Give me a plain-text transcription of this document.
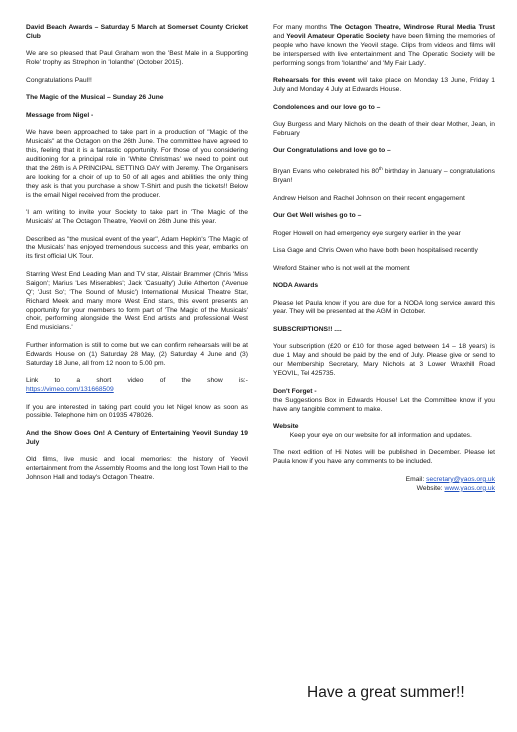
David Beach Awards – Saturday 5 March at Somerset County Cricket Club

We are so pleased that Paul Graham won the 'Best Male in a Supporting Role' trophy as Strephon in 'Iolanthe' (October 2015).

Congratulations Paul!!

The Magic of the Musical – Sunday 26 June

Message from Nigel -

We have been approached to take part in a production of "Magic of the Musicals" at the Octagon on the 26th June. The committee have agreed to this, feeling that it is a fantastic opportunity. For those of you considering auditioning for a principal role in 'White Christmas' we need to point out that the 26th is A PRINCIPAL SETTING DAY with Jeremy. The Organisers are looking for a choir of up to 50 of all ages and abilities the only thing they ask is that you purchase a show T-Shirt and push the tickets!! Below is the email Nigel received from the producer.

'I am writing to invite your Society to take part in 'The Magic of the Musicals' at The Octagon Theatre, Yeovil on 26th June this year.

Described as "the musical event of the year", Adam Hepkin's 'The Magic of the Musicals' has enjoyed tremendous success and this year, embarks on its first official UK Tour.

Starring West End Leading Man and TV star, Alistair Brammer (Chris 'Miss Saigon'; Marius 'Les Miserables'; Jack 'Casualty') Julie Atherton ('Avenue Q'; 'Just So'; 'The Sound of Music') International Musical Theatre Star, Richard Meek and many more West End stars, this event presents an opportunity for your members to form part of 'The Magic of the Musicals' choir, performing alongside the West End artists and professional West End musicians.'

Further information is still to come but we can confirm rehearsals will be at Edwards House on (1) Saturday 28 May, (2) Saturday 4 June and (3) Saturday 18 June, all from 12 noon to 5.00 pm.

Link to a short video of the show is:-

https://vimeo.com/131668509

If you are interested in taking part could you let Nigel know as soon as possible. Telephone him on 01935 478026.

And the Show Goes On! A Century of Entertaining Yeovil Sunday 19 July

Old films, live music and local memories: the history of Yeovil entertainment from the Assembly Rooms and the long lost Town Hall to the Johnson Hall and today's Octagon Theatre.

For many months The Octagon Theatre, Windrose Rural Media Trust and Yeovil Amateur Operatic Society have been filming the memories of people who have known the Yeovil stage. Clips from videos and films will be interspersed with live entertainment and The Operatic Society will be performing songs from 'Iolanthe' and 'My Fair Lady'.

Rehearsals for this event will take place on Monday 13 June, Friday 1 July and Monday 4 July at Edwards House.

Condolences and our love go to –

Guy Burgess and Mary Nichols on the death of their dear Mother, Jean, in February

Our Congratulations and love go to –

Bryan Evans who celebrated his 80th birthday in January – congratulations Bryan!

Andrew Helson and Rachel Johnson on their recent engagement

Our Get Well wishes go to –

Roger Howell on had emergency eye surgery earlier in the year

Lisa Gage and Chris Owen who have both been hospitalised recently

Wreford Stainer who is not well at the moment

NODA Awards

Please let Paula know if you are due for a NODA long service award this year. They will be presented at the AGM in October.

SUBSCRIPTIONS!! ....

Your subscription (£20 or £10 for those aged between 14 – 18 years) is due 1 May and should be paid by the end of July. Please give or send to our Membership Secretary, Mary Nichols at 3 Lower Wraxhill Road YEOVIL, Tel 425735.

Don't Forget -

the Suggestions Box in Edwards House! Let the Committee know if you have any tangible comment to make.

Website         Keep your eye on our website for all information and updates.

The next edition of Hi Notes will be published in December. Please let Paula know if you have any comments to be included.

Email: secretary@yaos.org.uk

Website: www.yaos.org.uk

Have a great summer!!
